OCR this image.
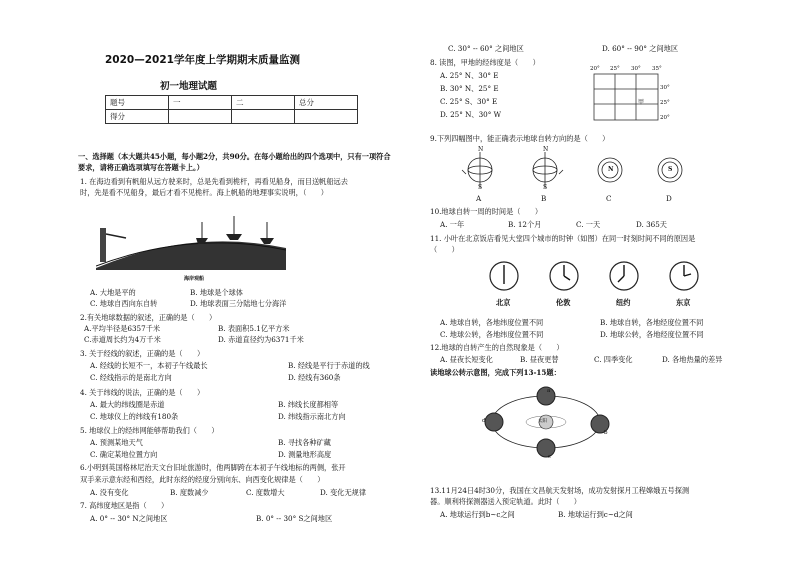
2020—2021学年度上学期期末质量监测
初一地理试题
题号	一	二	总分
得分			
一、选择题（本大题共45小题，每小题2分，共90分。在每小题给出的四个选项中，只有一项符合要求，请将正确选项填写在答题卡上。）
1. 在海边看到有帆船从远方驶来时，总是先看到桅杆，再看见船身，而目送帆船远去
时，先是看不见船身，最后才看不见桅杆。海上帆船的地理事实说明，（　　）
海岸观船
A. 大地是平的	B. 地球是个球体
C. 地球自西向东自转	D. 地球表面三分陆地七分海洋
2.有关地球数据的叙述，正确的是（　　）
A.平均半径是6357千米	B. 表面积5.1亿平方米
C.赤道周长约为4万千米	D. 赤道直径约为6371千米
3. 关于经线的叙述，正确的是（　　）
A. 经线的长短不一，本初子午线最长	B. 经线是平行于赤道的线
C. 经线指示的是南北方向	D. 经线有360条
4. 关于纬线的说法，正确的是（　　）
A. 最大的纬线圈是赤道	B. 纬线长度都相等
C. 地球仪上的纬线有180条	D. 纬线指示南北方向
5. 地球仪上的经纬网能够帮助我们（　　）
A. 预测某地天气	B. 寻找各种矿藏
C. 确定某地位置方向	D. 测量地形高度
6.小明到英国格林尼治天文台旧址旅游时，他两脚跨在本初子午线地标的两侧，张开
双手来示意东经和西经，此时东经的经度分别向东、向西变化规律是（　　）
A. 没有变化	B. 度数减少	C. 度数增大	D. 变化无规律
7. 高纬度地区是指（　　）
A. 0° -- 30° N之间地区	B. 0° -- 30° S之间地区
C. 30° -- 60° 之间地区	D. 60° -- 90° 之间地区
8. 读图，甲地的经纬度是（　　）
A. 25° N、30° E
B. 30° N、25° E
C. 25° S、30° E
D. 25° N、30° W
20° 25° 30° 35°
30°
25°
20°
甲
9.下列四幅图中，能正确表示地球自转方向的是（　　）
N
S
N
S
N	S
A	B	C	D
10.地球自转一周的时间是（　　）
A. 一年	B. 12个月	C. 一天	D. 365天
11. 小叶在北京饭店看见大堂四个城市的时钟（如图）在同一时刻时间不同的原因是
（　　）
北京	伦敦	纽约	东京
A. 地球自转，各地纬度位置不同	B. 地球自转，各地经度位置不同
C. 地球公转，各地纬度位置不同	D. 地球公转，各地经度位置不同
12.地球的自转产生的自然现象是（　　）
A. 昼夜长短变化	B. 昼夜更替	C. 四季变化	D. 各地热量的差异
读地球公转示意图，完成下列13-15题：
a
b
c
d	太阳
13.11月24日4时30分，我国在文昌航天发射场，成功发射探月工程嫦娥五号探测
器。顺利将探测器送入预定轨道。此时（　　）
A. 地球运行到b~c之间	B. 地球运行到c~d之间
